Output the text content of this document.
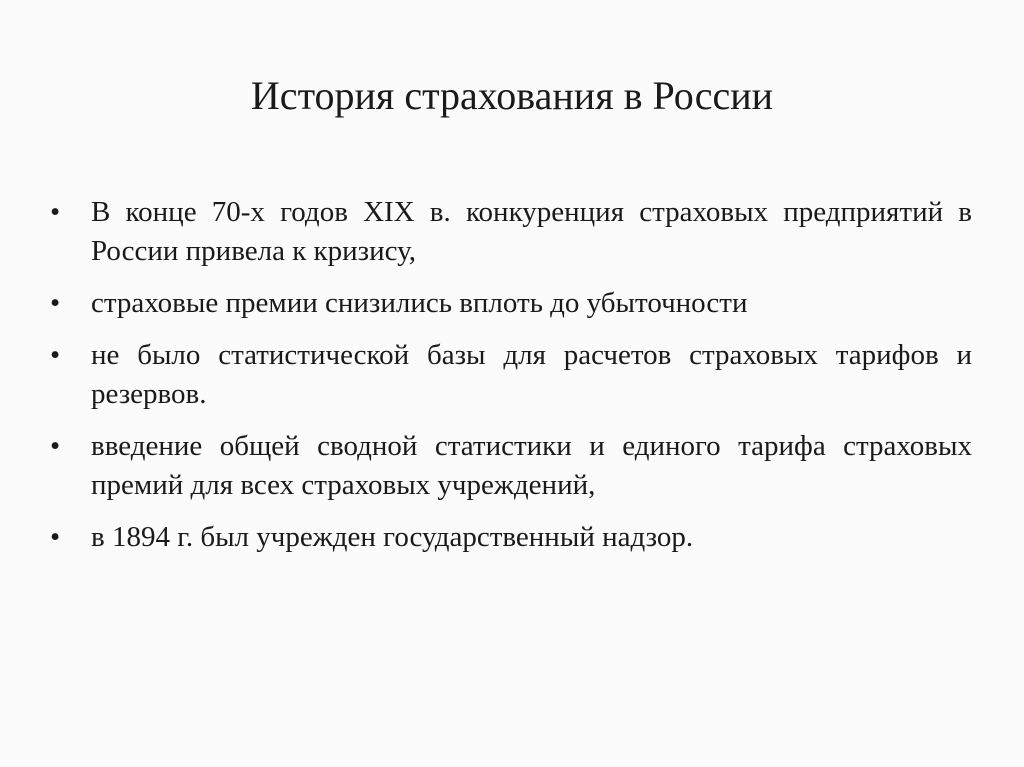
История страхования в России
•	В конце 70-х годов XIX в. конкуренция страховых предприятий в России привела к кризису,
•	страховые премии снизились вплоть до убыточности
•	не было статистической базы для расчетов страховых тарифов и резервов.
•	введение общей сводной статистики и единого тарифа страховых премий для всех страховых учреждений,
•	в 1894 г. был учрежден государственный надзор.
